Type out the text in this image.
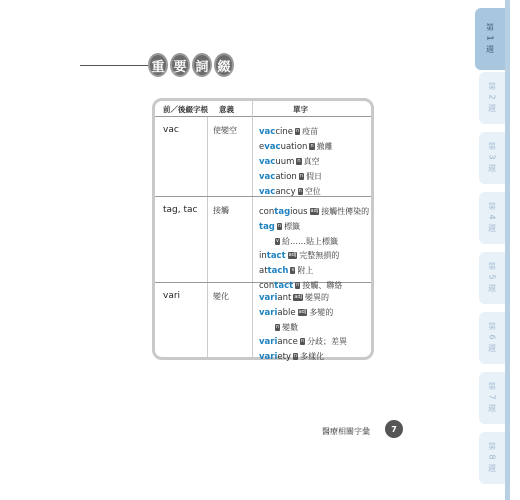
第 1 週
第 2 週
第 3 週
第 4 週
第 5 週
第 6 週
第 7 週
第 8 週
重 要 詞 綴
前／後綴字根 意義	單字
vac	使變空	vaccine n 疫苗
evacuation n 撤離
vacuum n 真空
vacation n 假日
vacancy n 空位
tag, tac 接觸	contagious adj 接觸性傳染的
tag n 標籤
v 給……貼上標籤
intact adj 完整無損的
attach v 附上
contact n 接觸、聯絡
vari	變化	variant adj 變異的
variable adj 多變的
n 變數
variance n 分歧；差異
variety n 多樣化
醫療相關字彙	7
